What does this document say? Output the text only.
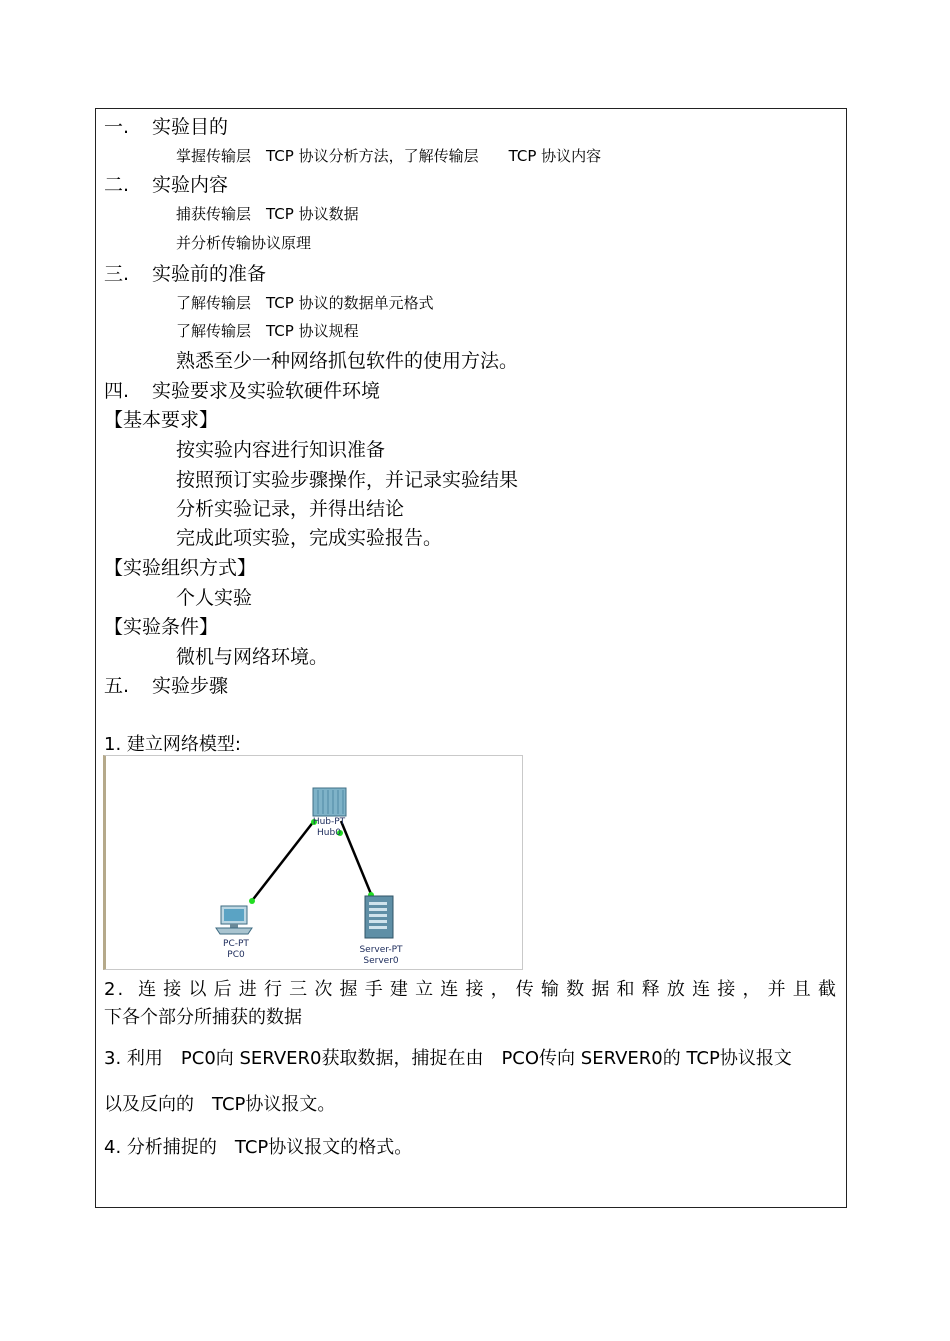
一. 实验目的
掌握传输层　TCP 协议分析方法，了解传输层　　TCP 协议内容
二. 实验内容
捕获传输层　TCP 协议数据
并分析传输协议原理
三. 实验前的准备
了解传输层　TCP 协议的数据单元格式
了解传输层　TCP 协议规程
熟悉至少一种网络抓包软件的使用方法。
四. 实验要求及实验软硬件环境
【基本要求】
按实验内容进行知识准备
按照预订实验步骤操作，并记录实验结果
分析实验记录，并得出结论
完成此项实验，完成实验报告。
【实验组织方式】
个人实验
【实验条件】
微机与网络环境。
五. 实验步骤
1. 建立网络模型:
Hub-PT
Hub0
PC-PT
PC0	Server-PT
Server0
2. 连接以后进行三次握手建立连接，传输数据和释放连接，并且截
下各个部分所捕获的数据
3. 利用　PC0向 SERVER0获取数据，捕捉在由　PCO传向 SERVER0的 TCP协议报文
以及反向的　TCP协议报文。
4. 分析捕捉的　TCP协议报文的格式。
